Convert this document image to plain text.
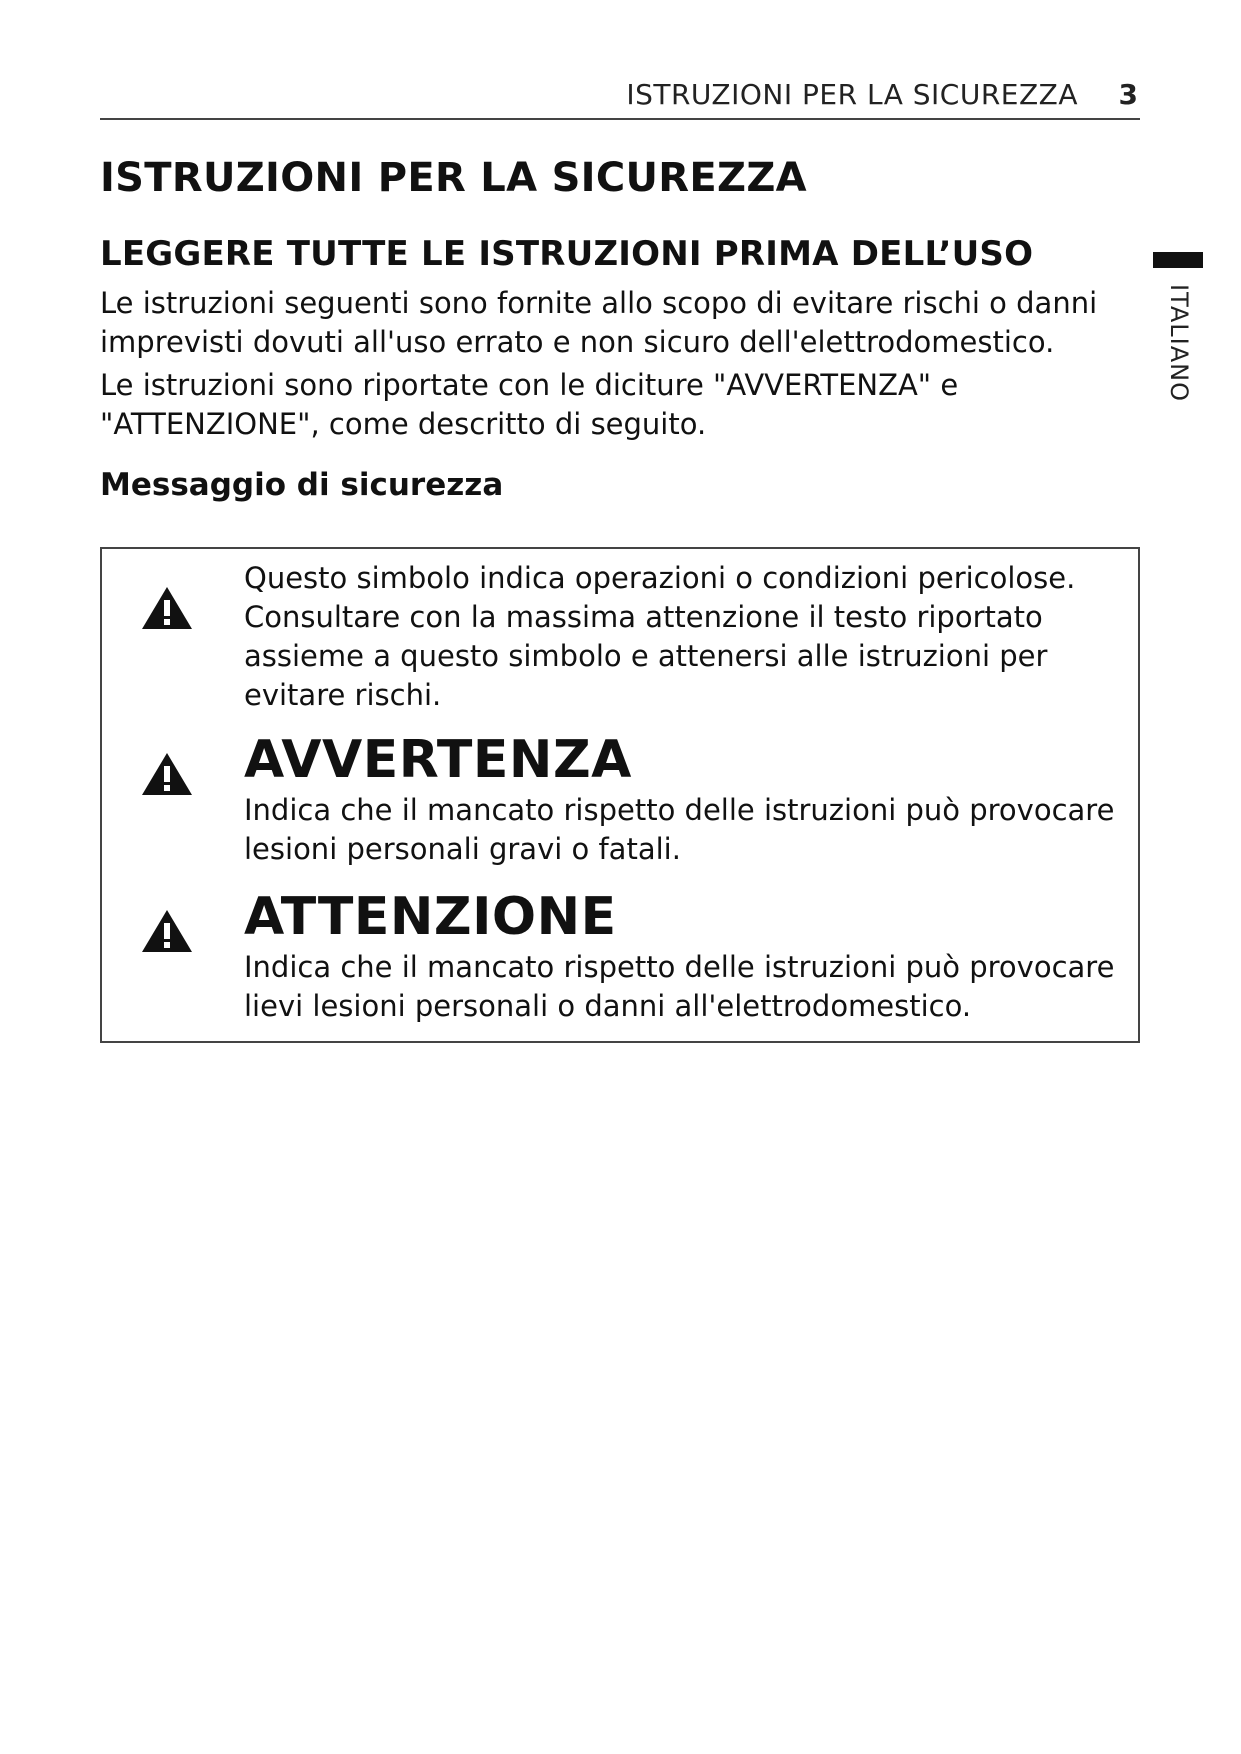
ISTRUZIONI PER LA SICUREZZA 3
ITALIANO
ISTRUZIONI PER LA SICUREZZA
LEGGERE TUTTE LE ISTRUZIONI PRIMA DELL’USO

Le istruzioni seguenti sono fornite allo scopo di evitare rischi o danni imprevisti dovuti all'uso errato e non sicuro dell'elettrodomestico.

Le istruzioni sono riportate con le diciture "AVVERTENZA" e "ATTENZIONE", come descritto di seguito.

Messaggio di sicurezza

Questo simbolo indica operazioni o condizioni pericolose. Consultare con la massima attenzione il testo riportato assieme a questo simbolo e attenersi alle istruzioni per evitare rischi.

AVVERTENZA

Indica che il mancato rispetto delle istruzioni può provocare lesioni personali gravi o fatali.

ATTENZIONE

Indica che il mancato rispetto delle istruzioni può provocare lievi lesioni personali o danni all'elettrodomestico.
